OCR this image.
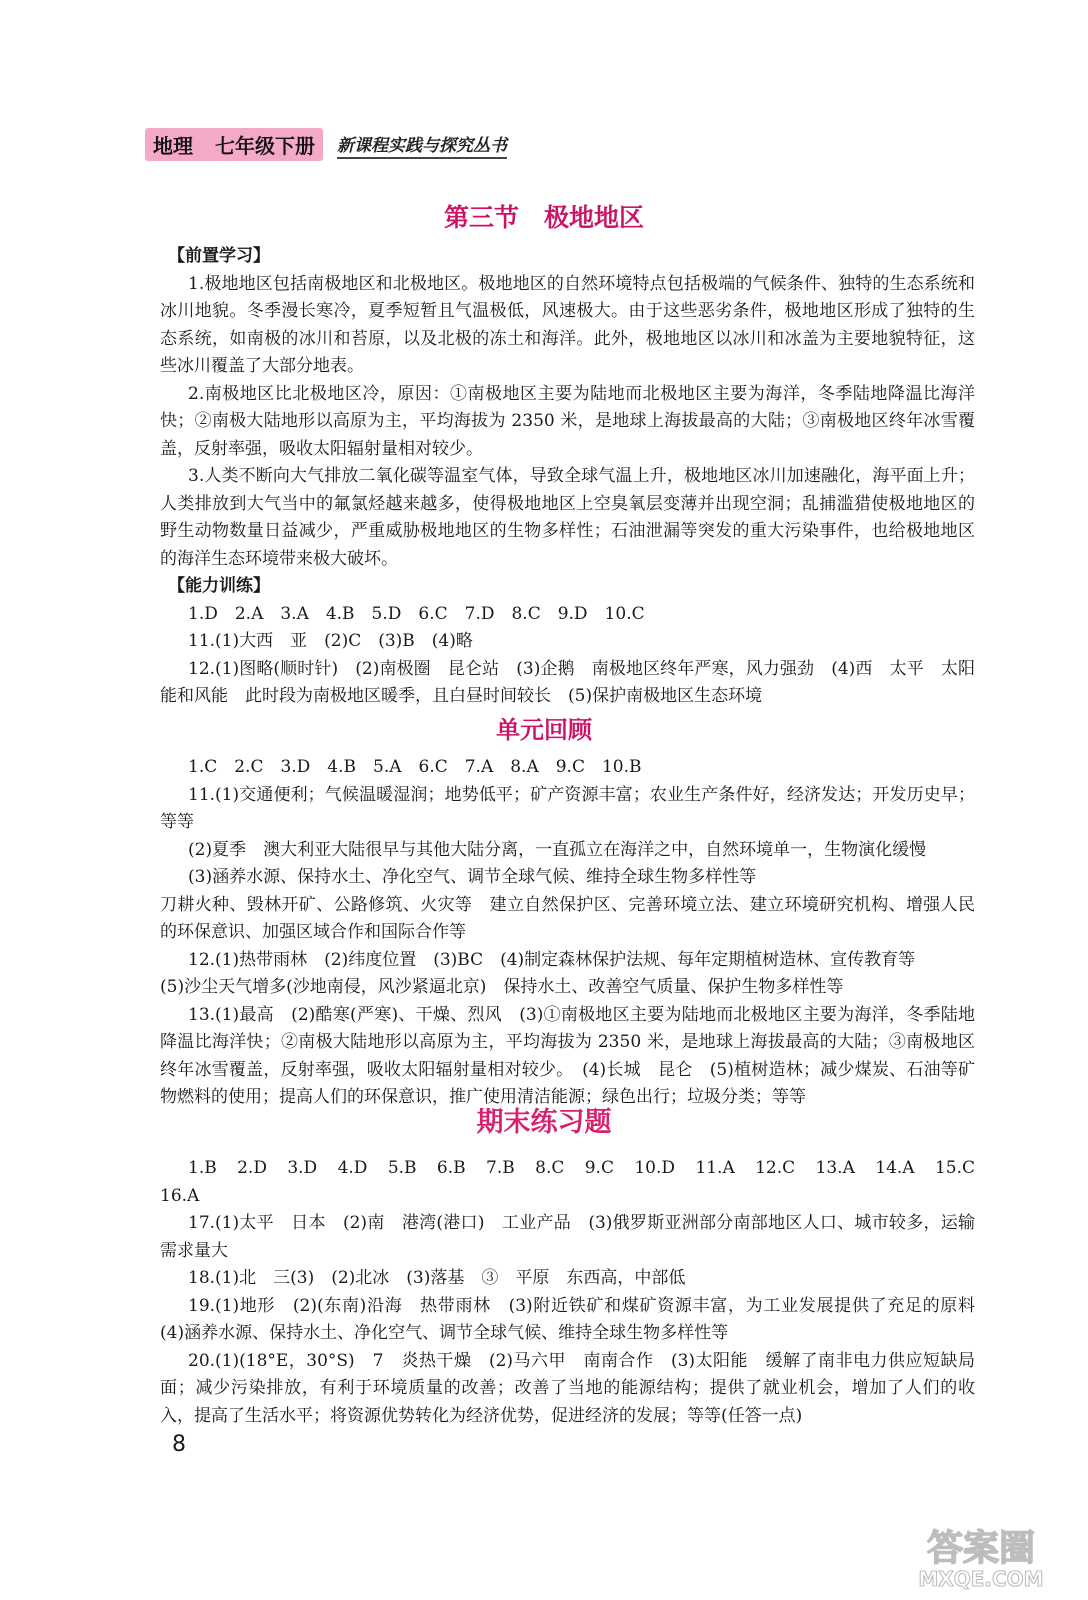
地理 七年级下册 新课程实践与探究丛书
第三节　极地地区

【前置学习】

1.极地地区包括南极地区和北极地区。极地地区的自然环境特点包括极端的气候条件、独特的生态系统和冰川地貌。冬季漫长寒冷，夏季短暂且气温极低，风速极大。由于这些恶劣条件，极地地区形成了独特的生态系统，如南极的冰川和苔原，以及北极的冻土和海洋。此外，极地地区以冰川和冰盖为主要地貌特征，这些冰川覆盖了大部分地表。

2.南极地区比北极地区冷，原因：①南极地区主要为陆地而北极地区主要为海洋，冬季陆地降温比海洋快；②南极大陆地形以高原为主，平均海拔为 2350 米，是地球上海拔最高的大陆；③南极地区终年冰雪覆盖，反射率强，吸收太阳辐射量相对较少。

3.人类不断向大气排放二氧化碳等温室气体，导致全球气温上升，极地地区冰川加速融化，海平面上升；人类排放到大气当中的氟氯烃越来越多，使得极地地区上空臭氧层变薄并出现空洞；乱捕滥猎使极地地区的野生动物数量日益减少，严重威胁极地地区的生物多样性；石油泄漏等突发的重大污染事件，也给极地地区的海洋生态环境带来极大破坏。

【能力训练】

1.D　2.A　3.A　4.B　5.D　6.C　7.D　8.C　9.D　10.C

11.(1)大西　亚　(2)C　(3)B　(4)略

12.(1)图略(顺时针)　(2)南极圈　昆仑站　(3)企鹅　南极地区终年严寒，风力强劲　(4)西　太平　太阳能和风能　此时段为南极地区暖季，且白昼时间较长　(5)保护南极地区生态环境

单元回顾

1.C　2.C　3.D　4.B　5.A　6.C　7.A　8.A　9.C　10.B

11.(1)交通便利；气候温暖湿润；地势低平；矿产资源丰富；农业生产条件好，经济发达；开发历史早；等等

(2)夏季　澳大利亚大陆很早与其他大陆分离，一直孤立在海洋之中，自然环境单一，生物演化缓慢

(3)涵养水源、保持水土、净化空气、调节全球气候、维持全球生物多样性等

刀耕火种、毁林开矿、公路修筑、火灾等　建立自然保护区、完善环境立法、建立环境研究机构、增强人民的环保意识、加强区域合作和国际合作等

12.(1)热带雨林　(2)纬度位置　(3)BC　(4)制定森林保护法规、每年定期植树造林、宣传教育等

(5)沙尘天气增多(沙地南侵，风沙紧逼北京)　保持水土、改善空气质量、保护生物多样性等

13.(1)最高　(2)酷寒(严寒)、干燥、烈风　(3)①南极地区主要为陆地而北极地区主要为海洋，冬季陆地降温比海洋快；②南极大陆地形以高原为主，平均海拔为 2350 米，是地球上海拔最高的大陆；③南极地区终年冰雪覆盖，反射率强，吸收太阳辐射量相对较少。　(4)长城　昆仑　(5)植树造林；减少煤炭、石油等矿物燃料的使用；提高人们的环保意识，推广使用清洁能源；绿色出行；垃圾分类；等等

期末练习题

1.B　2.D　3.D　4.D　5.B　6.B　7.B　8.C　9.C　10.D　11.A　12.C　13.A　14.A　15.C　16.A

17.(1)太平　日本　(2)南　港湾(港口)　工业产品　(3)俄罗斯亚洲部分南部地区人口、城市较多，运输需求量大

18.(1)北　三(3)　(2)北冰　(3)落基　③　平原　东西高，中部低

19.(1)地形　(2)(东南)沿海　热带雨林　(3)附近铁矿和煤矿资源丰富，为工业发展提供了充足的原料　(4)涵养水源、保持水土、净化空气、调节全球气候、维持全球生物多样性等

20.(1)(18°E，30°S)　7　炎热干燥　(2)马六甲　南南合作　(3)太阳能　缓解了南非电力供应短缺局面；减少污染排放，有利于环境质量的改善；改善了当地的能源结构；提供了就业机会，增加了人们的收入，提高了生活水平；将资源优势转化为经济优势，促进经济的发展；等等(任答一点)

8
答案圈
MXQE.COM
